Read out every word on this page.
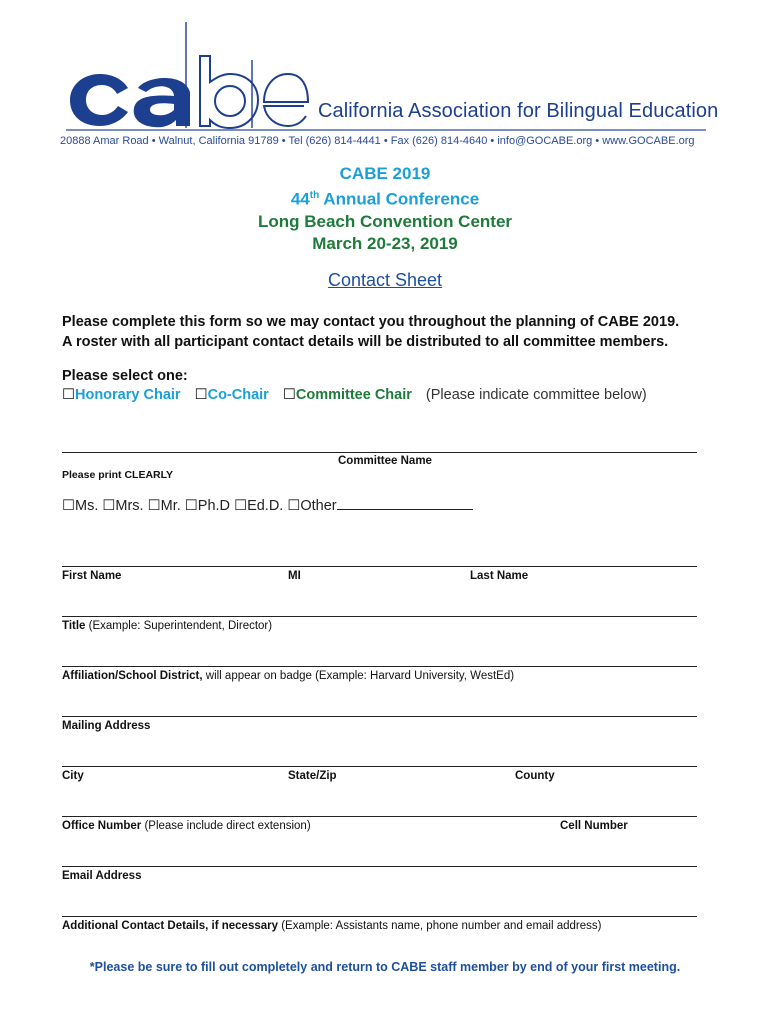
California Association for Bilingual Education
20888 Amar Road • Walnut, California 91789 • Tel (626) 814-4441 • Fax (626) 814-4640 • info@GOCABE.org • www.GOCABE.org
CABE 2019
44th Annual Conference
Long Beach Convention Center
March 20-23, 2019
Contact Sheet
Please complete this form so we may contact you throughout the planning of CABE 2019.
A roster with all participant contact details will be distributed to all committee members.
Please select one:
☐Honorary Chair ☐Co-Chair ☐Committee Chair (Please indicate committee below)
Committee Name
Please print CLEARLY
☐Ms. ☐Mrs. ☐Mr. ☐Ph.D ☐Ed.D. ☐Other
First Name	MI	Last Name
Title (Example: Superintendent, Director)
Affiliation/School District, will appear on badge (Example: Harvard University, WestEd)
Mailing Address
City	State/Zip	County
Office Number (Please include direct extension)	Cell Number
Email Address
Additional Contact Details, if necessary (Example: Assistants name, phone number and email address)
*Please be sure to fill out completely and return to CABE staff member by end of your first meeting.
